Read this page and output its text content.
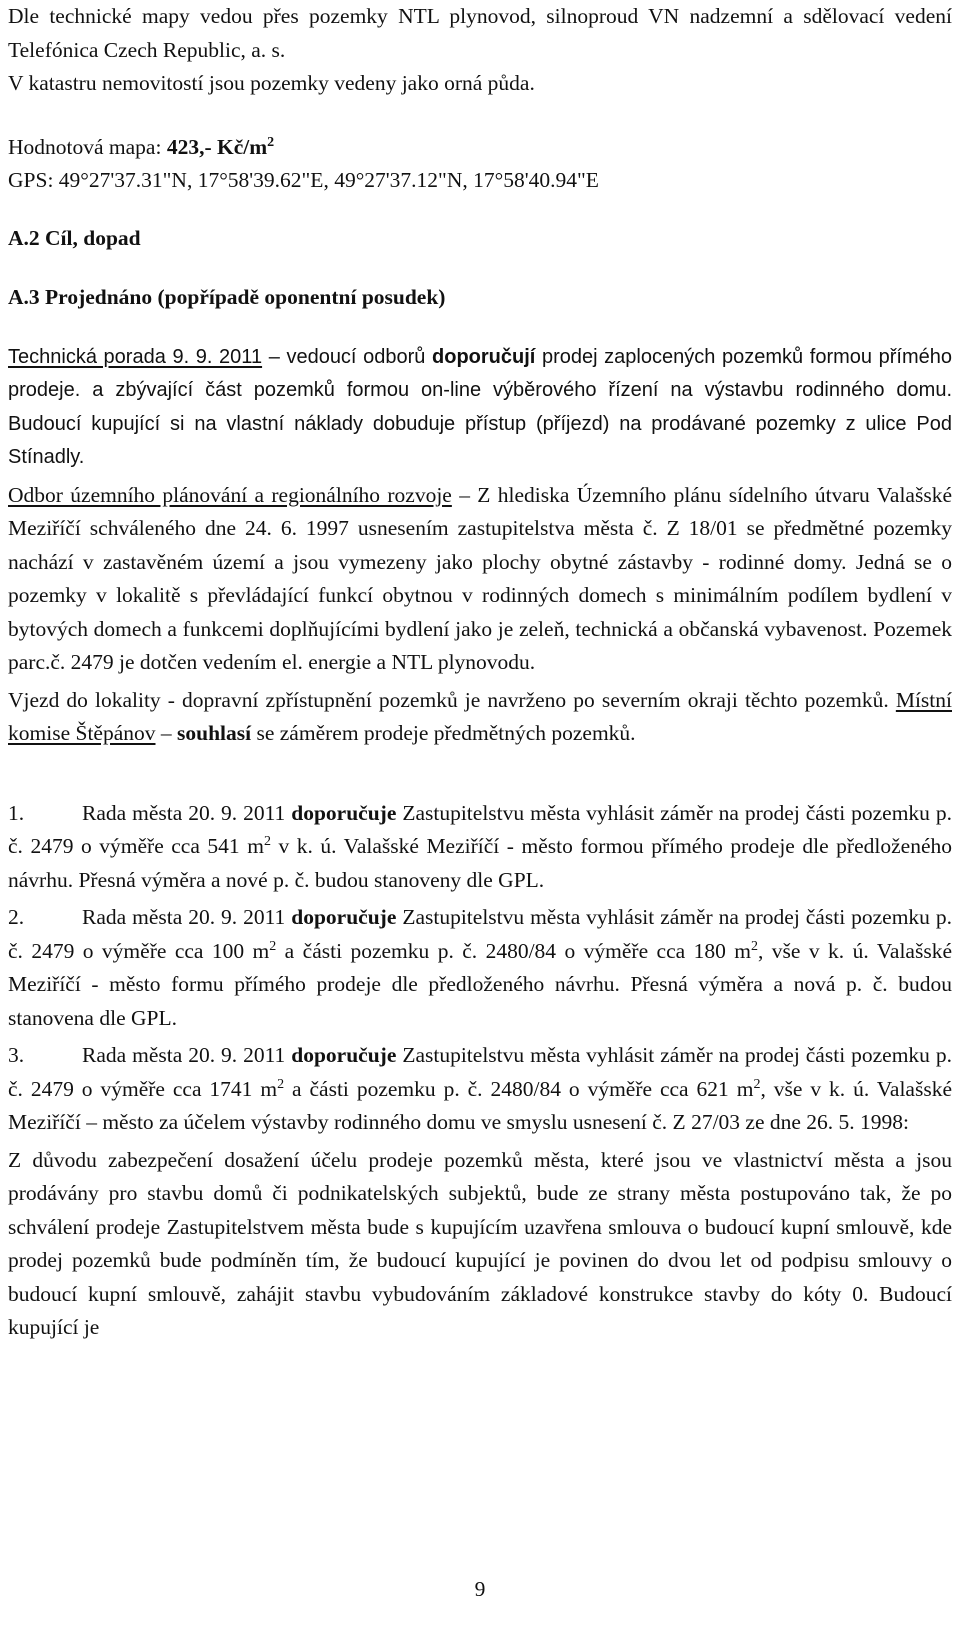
Dle technické mapy vedou přes pozemky NTL plynovod, silnoproud VN nadzemní a sdělovací vedení Telefónica Czech Republic, a. s.

V katastru nemovitostí jsou pozemky vedeny jako orná půda.

Hodnotová mapa: 423,- $Kč/m^2$

GPS: 49°27'37.31"N, 17°58'39.62"E, 49°27'37.12"N, 17°58'40.94"E

A.2 Cíl, dopad

A.3 Projednáno (popřípadě oponentní posudek)

Technická porada 9. 9. 2011 – vedoucí odborů doporučují prodej zaplocených pozemků formou přímého prodeje. a zbývající část pozemků formou on-line výběrového řízení na výstavbu rodinného domu. Budoucí kupující si na vlastní náklady dobuduje přístup (příjezd) na prodávané pozemky z ulice Pod Stínadly.

Odbor územního plánování a regionálního rozvoje – Z hlediska Územního plánu sídelního útvaru Valašské Meziříčí schváleného dne 24. 6. 1997 usnesením zastupitelstva města č. Z 18/01 se předmětné pozemky nachází v zastavěném území a jsou vymezeny jako plochy obytné zástavby - rodinné domy. Jedná se o pozemky v lokalitě s převládající funkcí obytnou v rodinných domech s minimálním podílem bydlení v bytových domech a funkcemi doplňujícími bydlení jako je zeleň, technická a občanská vybavenost. Pozemek parc.č. 2479 je dotčen vedením el. energie a NTL plynovodu.

Vjezd do lokality - dopravní zpřístupnění pozemků je navrženo po severním okraji těchto pozemků. Místní komise Štěpánov – souhlasí se záměrem prodeje předmětných pozemků.

1.	Rada města 20. 9. 2011 doporučuje Zastupitelstvu města vyhlásit záměr na prodej části pozemku p. č. 2479 o výměře cca 541 $m^2$ v k. ú. Valašské Meziříčí - město formou přímého prodeje dle předloženého návrhu. Přesná výměra a nové p. č. budou stanoveny dle GPL.

2.	Rada města 20. 9. 2011 doporučuje Zastupitelstvu města vyhlásit záměr na prodej části pozemku p. č. 2479 o výměře cca 100 $m^2$ a části pozemku p. č. 2480/84 o výměře cca 180 $m^2$, vše v k. ú. Valašské Meziříčí - město formu přímého prodeje dle předloženého návrhu. Přesná výměra a nová p. č. budou stanovena dle GPL.

3.	Rada města 20. 9. 2011 doporučuje Zastupitelstvu města vyhlásit záměr na prodej části pozemku p. č. 2479 o výměře cca 1741 $m^2$ a části pozemku p. č. 2480/84 o výměře cca 621 $m^2$, vše v k. ú. Valašské Meziříčí – město za účelem výstavby rodinného domu ve smyslu usnesení č. Z 27/03 ze dne 26. 5. 1998:

Z důvodu zabezpečení dosažení účelu prodeje pozemků města, které jsou ve vlastnictví města a jsou prodávány pro stavbu domů či podnikatelských subjektů, bude ze strany města postupováno tak, že po schválení prodeje Zastupitelstvem města bude s kupujícím uzavřena smlouva o budoucí kupní smlouvě, kde prodej pozemků bude podmíněn tím, že budoucí kupující je povinen do dvou let od podpisu smlouvy o budoucí kupní smlouvě, zahájit stavbu vybudováním základové konstrukce stavby do kóty 0. Budoucí kupující je

9
